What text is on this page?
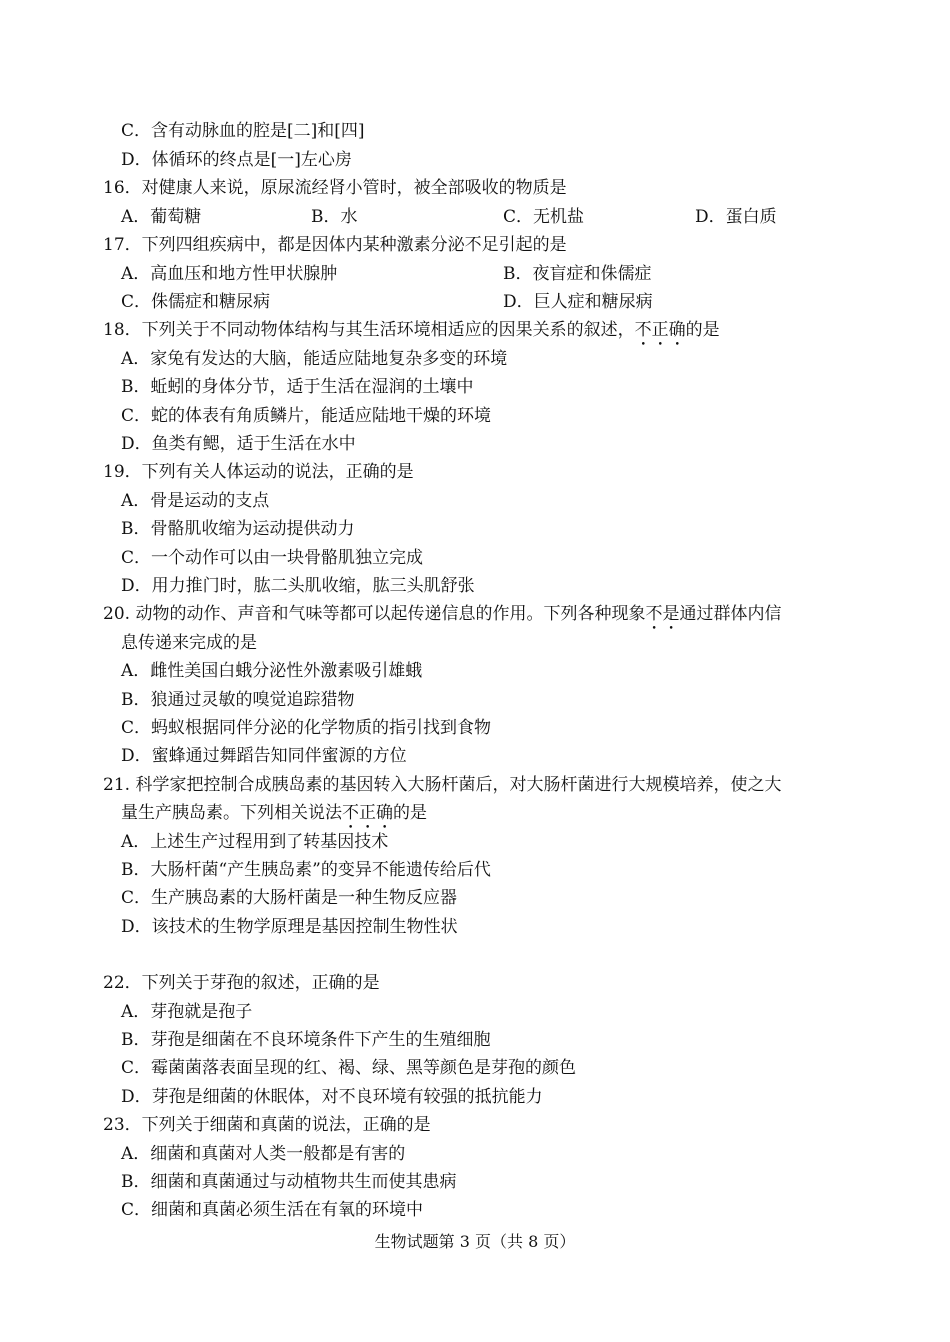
C．含有动脉血的腔是[二]和[四]
D．体循环的终点是[一]左心房
16．对健康人来说，原尿流经肾小管时，被全部吸收的物质是
A．葡萄糖	B．水	C．无机盐	D．蛋白质
17．下列四组疾病中，都是因体内某种激素分泌不足引起的是
A．高血压和地方性甲状腺肿	B．夜盲症和侏儒症
C．侏儒症和糖尿病	D．巨人症和糖尿病
18．下列关于不同动物体结构与其生活环境相适应的因果关系的叙述，不正确的是
A．家兔有发达的大脑，能适应陆地复杂多变的环境
B．蚯蚓的身体分节，适于生活在湿润的土壤中
C．蛇的体表有角质鳞片，能适应陆地干燥的环境
D．鱼类有鳃，适于生活在水中
19．下列有关人体运动的说法，正确的是
A．骨是运动的支点
B．骨骼肌收缩为运动提供动力
C．一个动作可以由一块骨骼肌独立完成
D．用力推门时，肱二头肌收缩，肱三头肌舒张
20. 动物的动作、声音和气味等都可以起传递信息的作用。下列各种现象不是通过群体内信
息传递来完成的是
A．雌性美国白蛾分泌性外激素吸引雄蛾
B．狼通过灵敏的嗅觉追踪猎物
C．蚂蚁根据同伴分泌的化学物质的指引找到食物
D．蜜蜂通过舞蹈告知同伴蜜源的方位
21. 科学家把控制合成胰岛素的基因转入大肠杆菌后，对大肠杆菌进行大规模培养，使之大
量生产胰岛素。下列相关说法不正确的是
A．上述生产过程用到了转基因技术
B．大肠杆菌“产生胰岛素”的变异不能遗传给后代
C．生产胰岛素的大肠杆菌是一种生物反应器
D．该技术的生物学原理是基因控制生物性状
22．下列关于芽孢的叙述，正确的是
A．芽孢就是孢子
B．芽孢是细菌在不良环境条件下产生的生殖细胞
C．霉菌菌落表面呈现的红、褐、绿、黑等颜色是芽孢的颜色
D．芽孢是细菌的休眠体，对不良环境有较强的抵抗能力
23．下列关于细菌和真菌的说法，正确的是
A．细菌和真菌对人类一般都是有害的
B．细菌和真菌通过与动植物共生而使其患病
C．细菌和真菌必须生活在有氧的环境中
生物试题第 3 页（共 8 页）
